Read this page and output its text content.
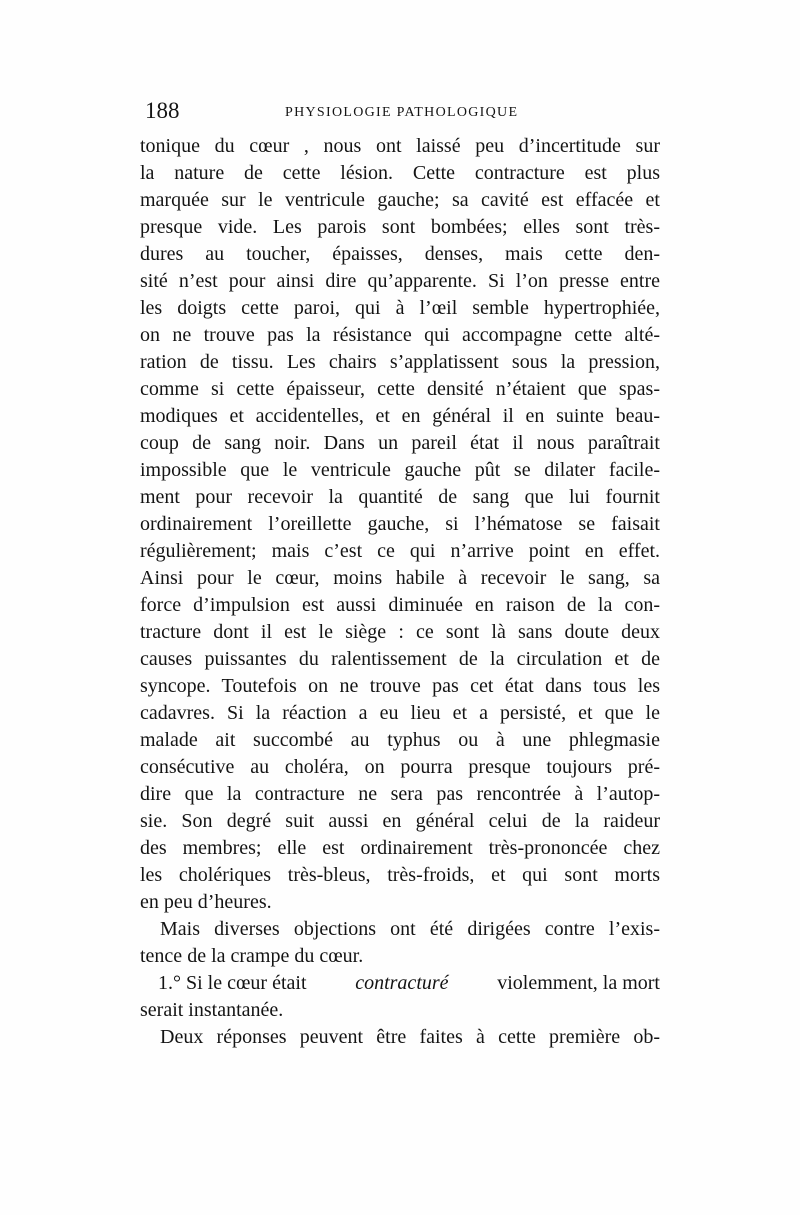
188	PHYSIOLOGIE PATHOLOGIQUE
tonique du cœur , nous ont laissé peu d’incertitude sur
la nature de cette lésion. Cette contracture est plus
marquée sur le ventricule gauche; sa cavité est effacée et
presque vide. Les parois sont bombées; elles sont très-
dures au toucher, épaisses, denses, mais cette den-
sité n’est pour ainsi dire qu’apparente. Si l’on presse entre
les doigts cette paroi, qui à l’œil semble hypertrophiée,
on ne trouve pas la résistance qui accompagne cette alté-
ration de tissu. Les chairs s’applatissent sous la pression,
comme si cette épaisseur, cette densité n’étaient que spas-
modiques et accidentelles, et en général il en suinte beau-
coup de sang noir. Dans un pareil état il nous paraîtrait
impossible que le ventricule gauche pût se dilater facile-
ment pour recevoir la quantité de sang que lui fournit
ordinairement l’oreillette gauche, si l’hématose se faisait
régulièrement; mais c’est ce qui n’arrive point en effet.
Ainsi pour le cœur, moins habile à recevoir le sang, sa
force d’impulsion est aussi diminuée en raison de la con-
tracture dont il est le siège : ce sont là sans doute deux
causes puissantes du ralentissement de la circulation et de
syncope. Toutefois on ne trouve pas cet état dans tous les
cadavres. Si la réaction a eu lieu et a persisté, et que le
malade ait succombé au typhus ou à une phlegmasie
consécutive au choléra, on pourra presque toujours pré-
dire que la contracture ne sera pas rencontrée à l’autop-
sie. Son degré suit aussi en général celui de la raideur
des membres; elle est ordinairement très-prononcée chez
les cholériques très-bleus, très-froids, et qui sont morts
en peu d’heures.
Mais diverses objections ont été dirigées contre l’exis-
tence de la crampe du cœur.
1.° Si le cœur était contracturé violemment, la mort
serait instantanée.
Deux réponses peuvent être faites à cette première ob-
